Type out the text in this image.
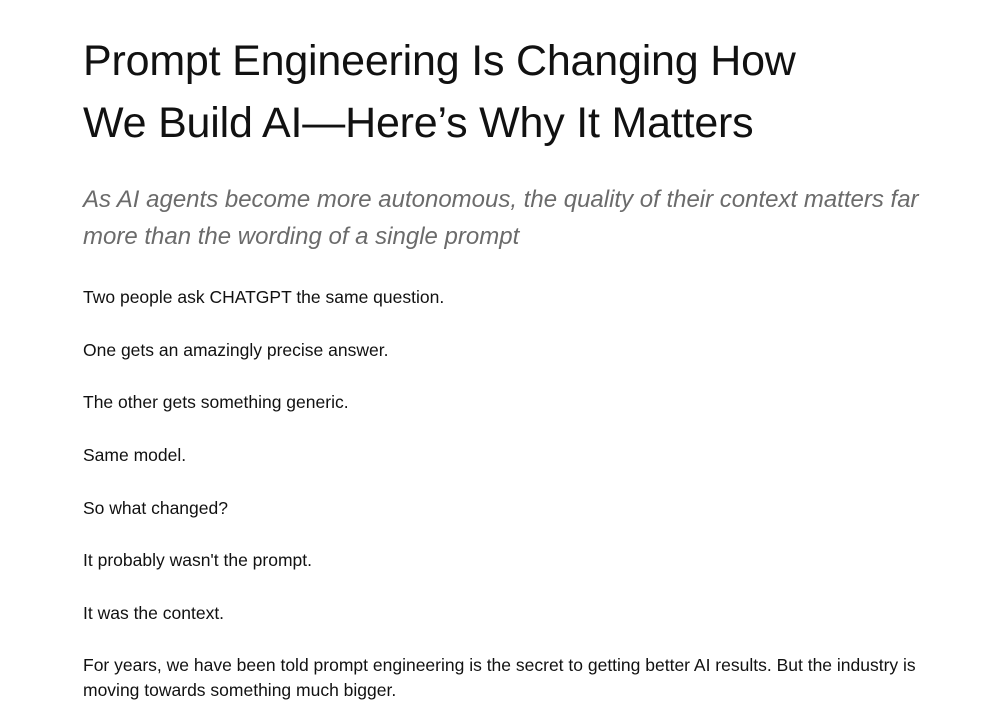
Prompt Engineering Is Changing How
We Build AI—Here’s Why It Matters

As AI agents become more autonomous, the quality of their context matters far more than the wording of a single prompt

Two people ask CHATGPT the same question.

One gets an amazingly precise answer.

The other gets something generic.

Same model.

So what changed?

It probably wasn't the prompt.

It was the context.

For years, we have been told prompt engineering is the secret to getting better AI results. But the industry is moving towards something much bigger.
